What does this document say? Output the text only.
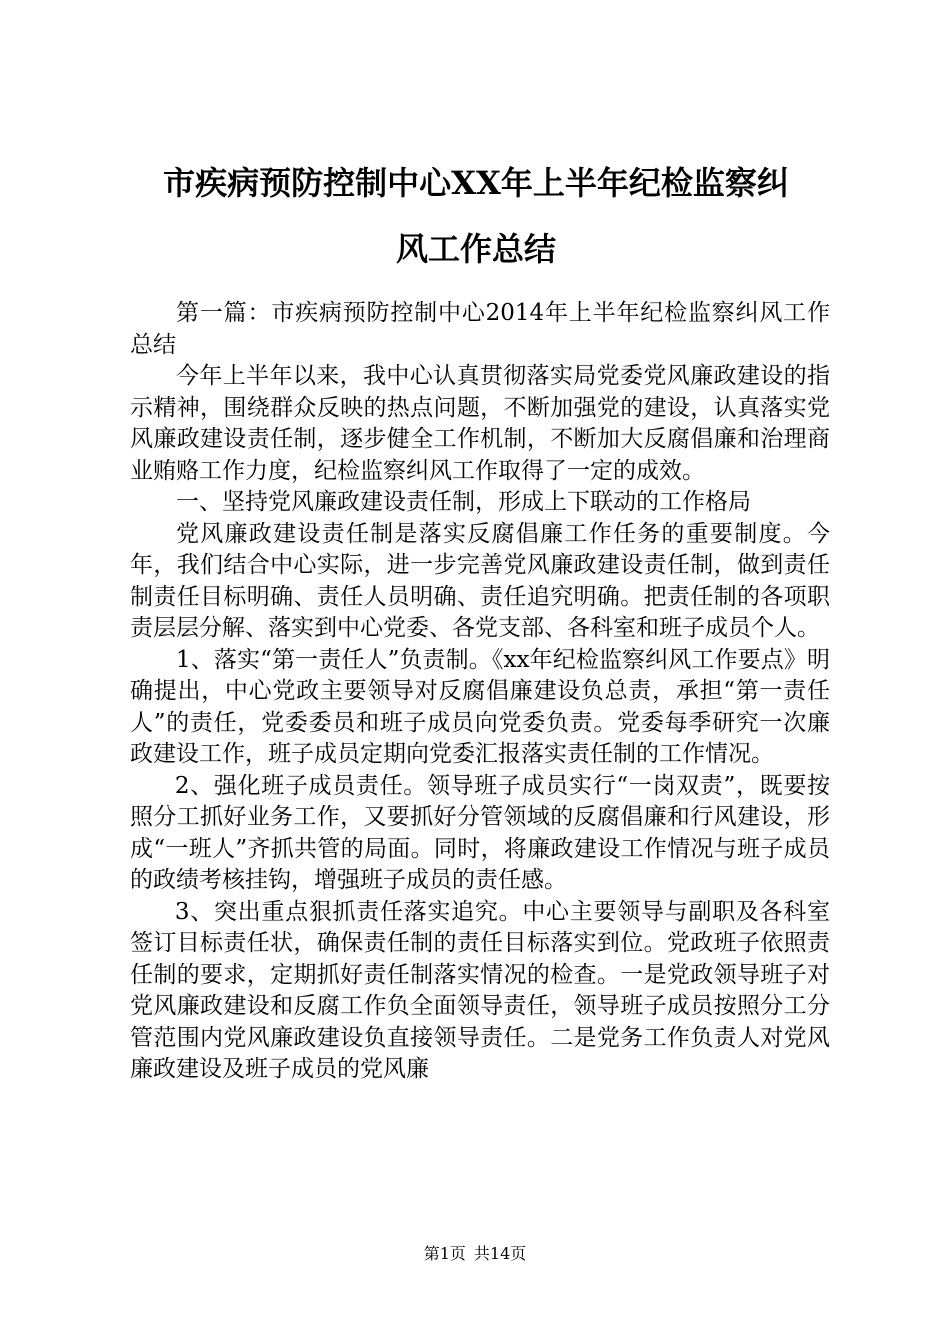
市疾病预防控制中心XX年上半年纪检监察纠
风工作总结

第一篇：市疾病预防控制中心2014年上半年纪检监察纠风工作总结

今年上半年以来，我中心认真贯彻落实局党委党风廉政建设的指示精神，围绕群众反映的热点问题，不断加强党的建设，认真落实党风廉政建设责任制，逐步健全工作机制，不断加大反腐倡廉和治理商业贿赂工作力度，纪检监察纠风工作取得了一定的成效。

一、坚持党风廉政建设责任制，形成上下联动的工作格局

党风廉政建设责任制是落实反腐倡廉工作任务的重要制度。今年，我们结合中心实际，进一步完善党风廉政建设责任制，做到责任制责任目标明确、责任人员明确、责任追究明确。把责任制的各项职责层层分解、落实到中心党委、各党支部、各科室和班子成员个人。

1、落实“第一责任人”负责制。《xx年纪检监察纠风工作要点》明确提出，中心党政主要领导对反腐倡廉建设负总责，承担“第一责任人”的责任，党委委员和班子成员向党委负责。党委每季研究一次廉政建设工作，班子成员定期向党委汇报落实责任制的工作情况。

2、强化班子成员责任。领导班子成员实行“一岗双责”，既要按照分工抓好业务工作，又要抓好分管领域的反腐倡廉和行风建设，形成“一班人”齐抓共管的局面。同时，将廉政建设工作情况与班子成员的政绩考核挂钩，增强班子成员的责任感。

3、突出重点狠抓责任落实追究。中心主要领导与副职及各科室签订目标责任状，确保责任制的责任目标落实到位。党政班子依照责任制的要求，定期抓好责任制落实情况的检查。一是党政领导班子对党风廉政建设和反腐工作负全面领导责任，领导班子成员按照分工分管范围内党风廉政建设负直接领导责任。二是党务工作负责人对党风廉政建设及班子成员的党风廉

第1页 共14页
